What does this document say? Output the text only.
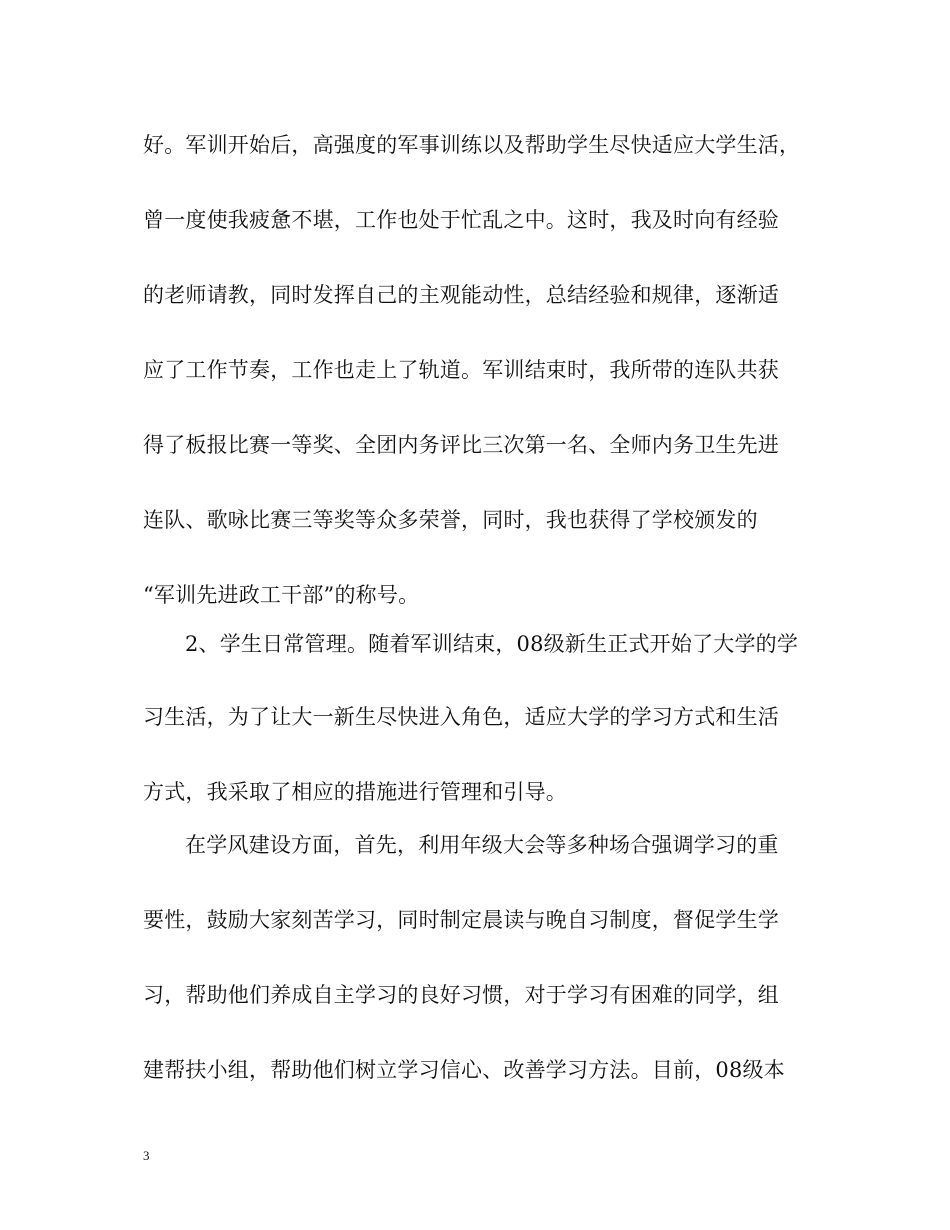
好。军训开始后，高强度的军事训练以及帮助学生尽快适应大学生活，
曾一度使我疲惫不堪，工作也处于忙乱之中。这时，我及时向有经验
的老师请教，同时发挥自己的主观能动性，总结经验和规律，逐渐适
应了工作节奏，工作也走上了轨道。军训结束时，我所带的连队共获
得了板报比赛一等奖、全团内务评比三次第一名、全师内务卫生先进
连队、歌咏比赛三等奖等众多荣誉，同时，我也获得了学校颁发的
“军训先进政工干部”的称号。
2、学生日常管理。随着军训结束，08级新生正式开始了大学的学
习生活，为了让大一新生尽快进入角色，适应大学的学习方式和生活
方式，我采取了相应的措施进行管理和引导。
在学风建设方面，首先，利用年级大会等多种场合强调学习的重
要性，鼓励大家刻苦学习，同时制定晨读与晚自习制度，督促学生学
习，帮助他们养成自主学习的良好习惯，对于学习有困难的同学，组
建帮扶小组，帮助他们树立学习信心、改善学习方法。目前，08级本
3
